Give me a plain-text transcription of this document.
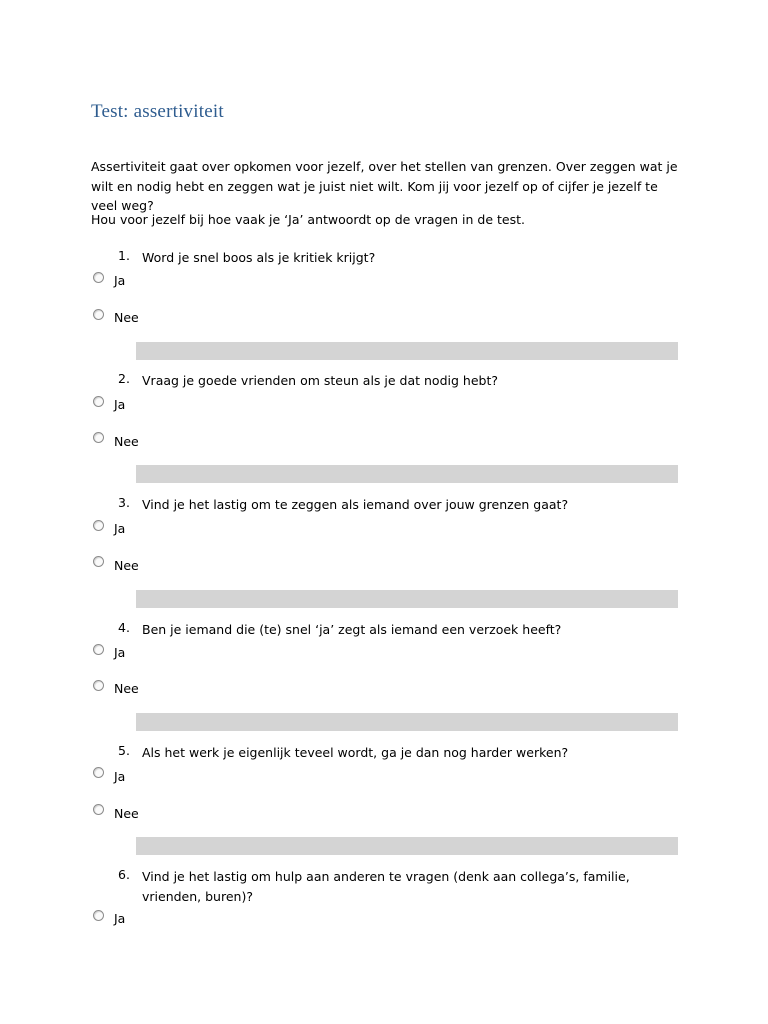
Test: assertiviteit

Assertiviteit gaat over opkomen voor jezelf, over het stellen van grenzen. Over zeggen wat je wilt en nodig hebt en zeggen wat je juist niet wilt. Kom jij voor jezelf op of cijfer je jezelf te veel weg?

Hou voor jezelf bij hoe vaak je ‘Ja’ antwoordt op de vragen in de test.

1. Word je snel boos als je kritiek krijgt?
Ja
Nee
2. Vraag je goede vrienden om steun als je dat nodig hebt?
Ja
Nee
3. Vind je het lastig om te zeggen als iemand over jouw grenzen gaat?
Ja
Nee
4. Ben je iemand die (te) snel ‘ja’ zegt als iemand een verzoek heeft?
Ja
Nee
5. Als het werk je eigenlijk teveel wordt, ga je dan nog harder werken?
Ja
Nee
6. Vind je het lastig om hulp aan anderen te vragen (denk aan collega’s, familie, vrienden, buren)?
Ja
